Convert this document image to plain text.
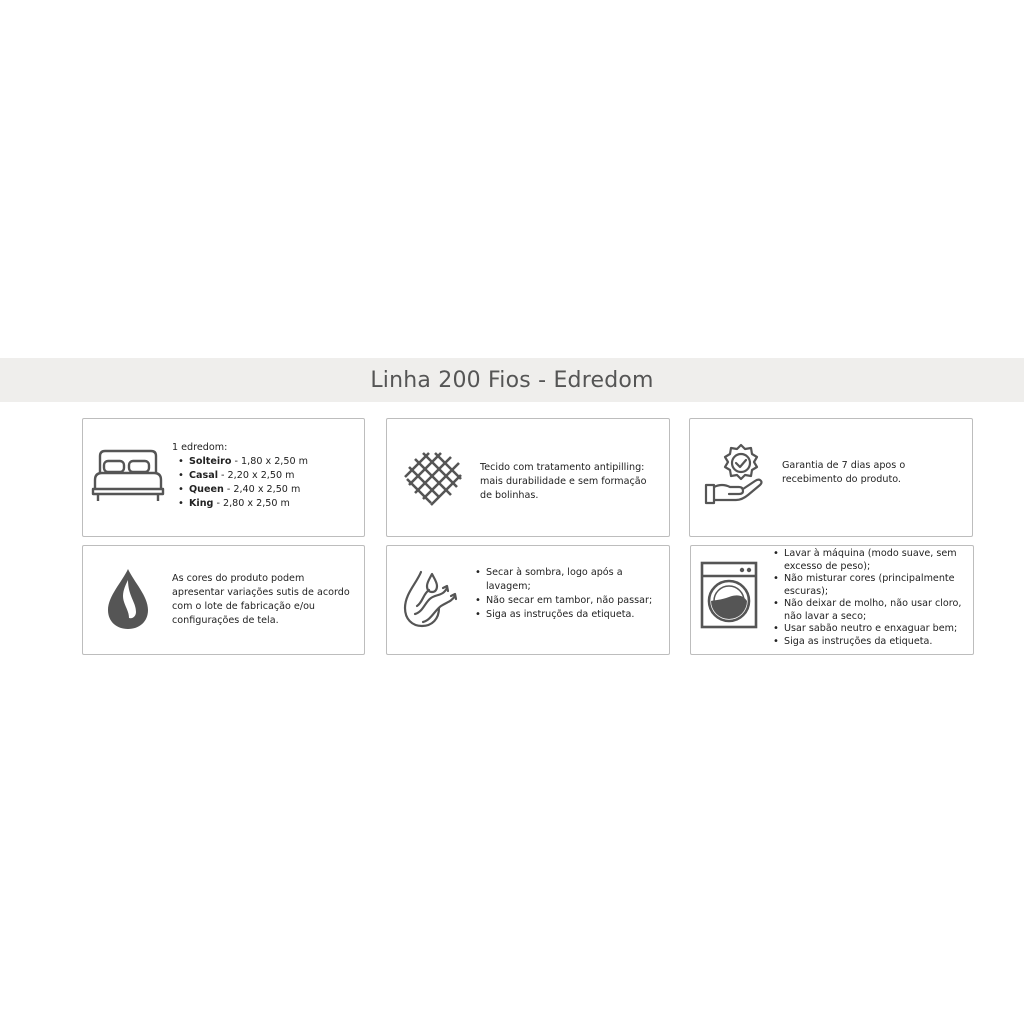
Linha 200 Fios - Edredom

1 edredom:

• Solteiro - 1,80 x 2,50 m
• Casal - 2,20 x 2,50 m
• Queen - 2,40 x 2,50 m
• King - 2,80 x 2,50 m

Tecido com tratamento antipilling: mais durabilidade e sem formação de bolinhas.

Garantia de 7 dias apos o recebimento do produto.

As cores do produto podem apresentar variações sutis de acordo com o lote de fabricação e/ou configurações de tela.

• Secar à sombra, logo após a lavagem;
• Não secar em tambor, não passar;
• Siga as instruções da etiqueta.
• Lavar à máquina (modo suave, sem excesso de peso);
• Não misturar cores (principalmente escuras);
• Não deixar de molho, não usar cloro, não lavar a seco;
• Usar sabão neutro e enxaguar bem;
• Siga as instruções da etiqueta.
